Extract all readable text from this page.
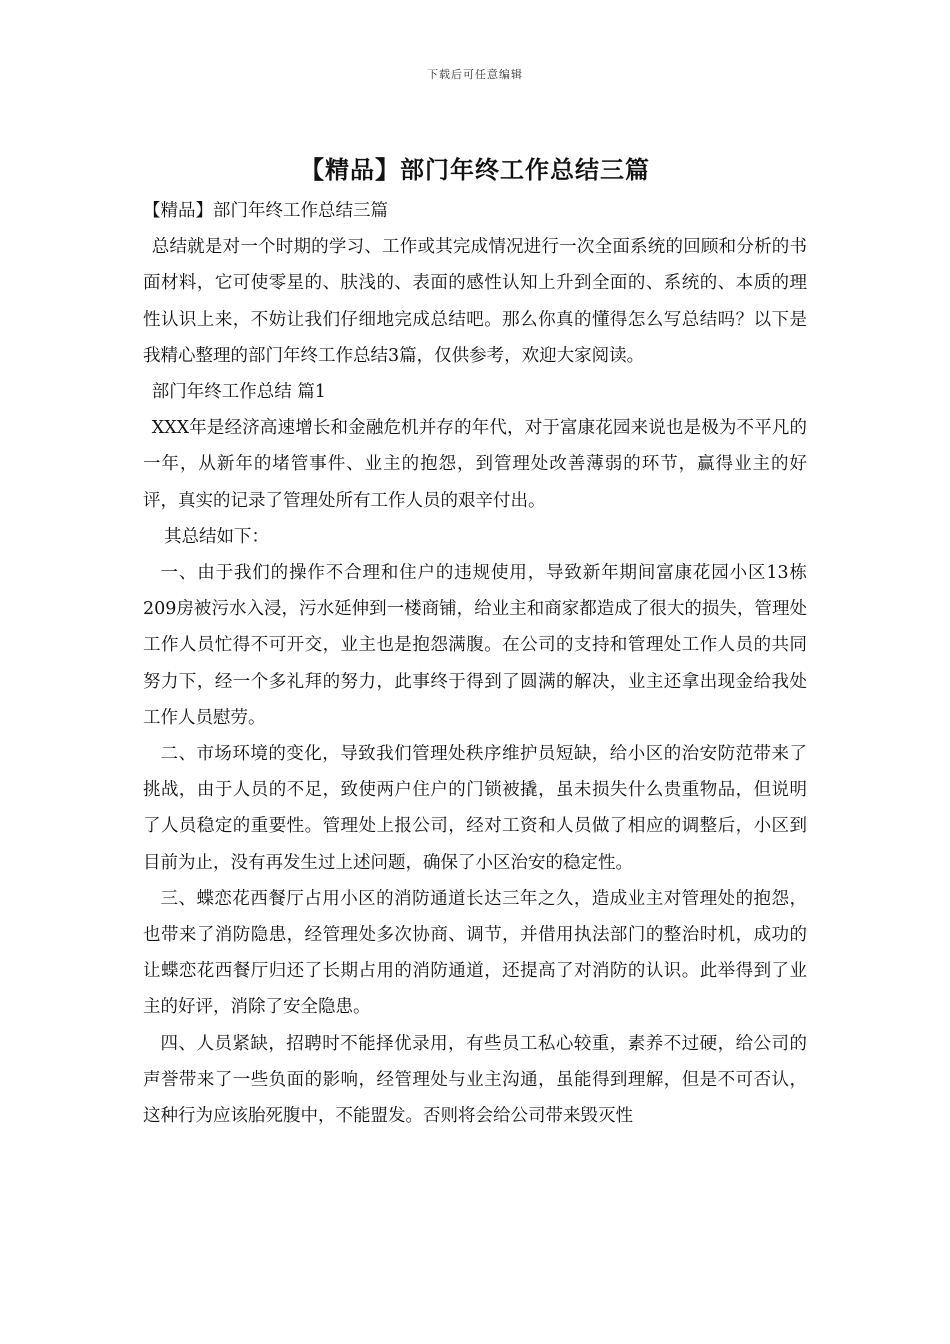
下载后可任意编辑
【精品】部门年终工作总结三篇

【精品】部门年终工作总结三篇

总结就是对一个时期的学习、工作或其完成情况进行一次全面系统的回顾和分析的书面材料，它可使零星的、肤浅的、表面的感性认知上升到全面的、系统的、本质的理性认识上来，不妨让我们仔细地完成总结吧。那么你真的懂得怎么写总结吗？以下是我精心整理的部门年终工作总结3篇，仅供参考，欢迎大家阅读。

部门年终工作总结 篇1

XXX年是经济高速增长和金融危机并存的年代，对于富康花园来说也是极为不平凡的一年，从新年的堵管事件、业主的抱怨，到管理处改善薄弱的环节，赢得业主的好评，真实的记录了管理处所有工作人员的艰辛付出。

其总结如下：

一、由于我们的操作不合理和住户的违规使用，导致新年期间富康花园小区13栋209房被污水入浸，污水延伸到一楼商铺，给业主和商家都造成了很大的损失，管理处工作人员忙得不可开交，业主也是抱怨满腹。在公司的支持和管理处工作人员的共同努力下，经一个多礼拜的努力，此事终于得到了圆满的解决，业主还拿出现金给我处工作人员慰劳。

二、市场环境的变化，导致我们管理处秩序维护员短缺，给小区的治安防范带来了挑战，由于人员的不足，致使两户住户的门锁被撬，虽未损失什么贵重物品，但说明了人员稳定的重要性。管理处上报公司，经对工资和人员做了相应的调整后，小区到目前为止，没有再发生过上述问题，确保了小区治安的稳定性。

三、蝶恋花西餐厅占用小区的消防通道长达三年之久，造成业主对管理处的抱怨，也带来了消防隐患，经管理处多次协商、调节，并借用执法部门的整治时机，成功的让蝶恋花西餐厅归还了长期占用的消防通道，还提高了对消防的认识。此举得到了业主的好评，消除了安全隐患。

四、人员紧缺，招聘时不能择优录用，有些员工私心较重，素养不过硬，给公司的声誉带来了一些负面的影响，经管理处与业主沟通，虽能得到理解，但是不可否认，这种行为应该胎死腹中，不能盟发。否则将会给公司带来毁灭性
